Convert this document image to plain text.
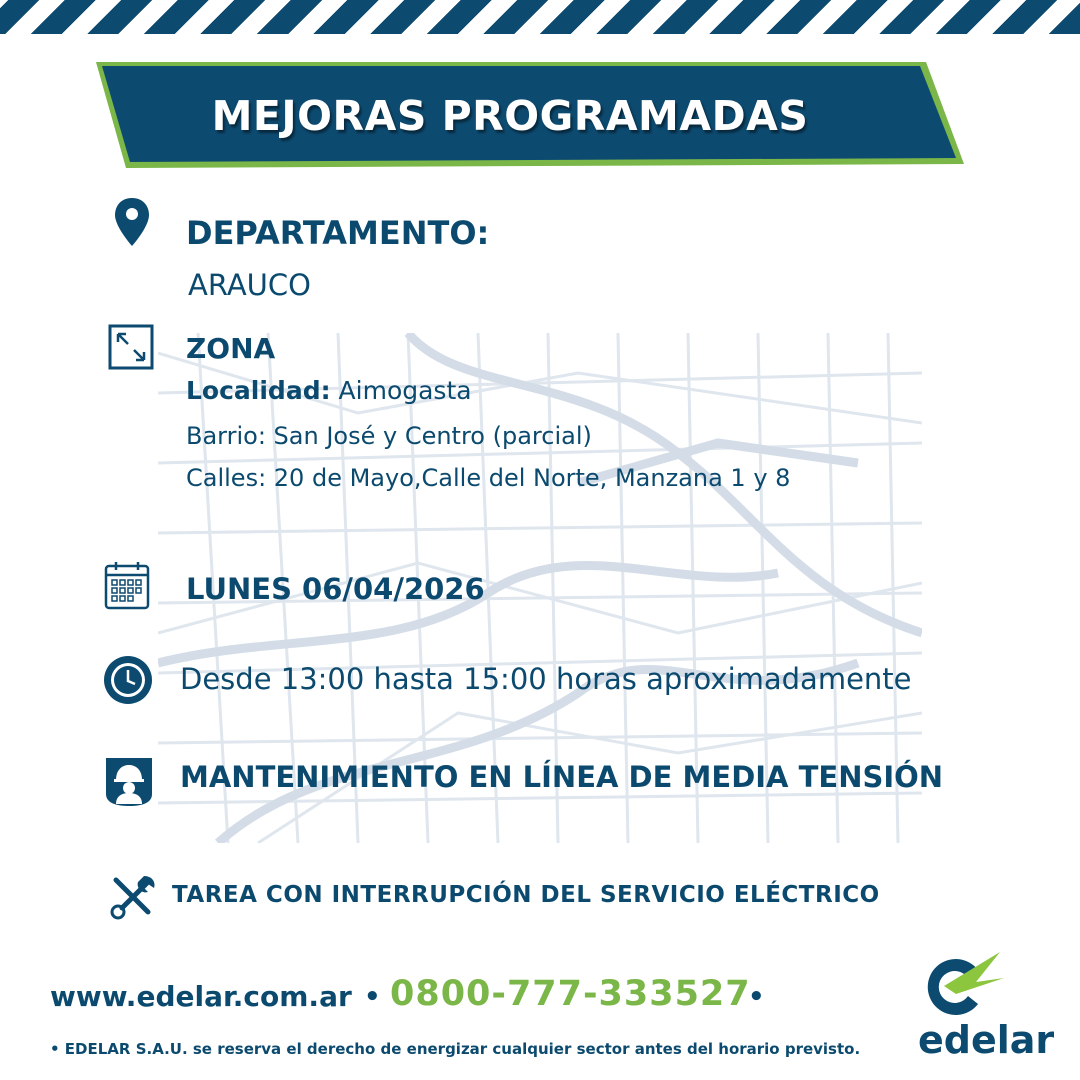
MEJORAS PROGRAMADAS
DEPARTAMENTO:
ARAUCO
ZONA
Localidad: Aimogasta
Barrio: San José y Centro (parcial)
Calles: 20 de Mayo,Calle del Norte, Manzana 1 y 8
LUNES 06/04/2026
Desde 13:00 hasta 15:00 horas aproximadamente
MANTENIMIENTO EN LÍNEA DE MEDIA TENSIÓN
TAREA CON INTERRUPCIÓN DEL SERVICIO ELÉCTRICO
www.edelar.com.ar • 0800-777-333527
•
• EDELAR S.A.U. se reserva el derecho de energizar cualquier sector antes del horario previsto. edelar
